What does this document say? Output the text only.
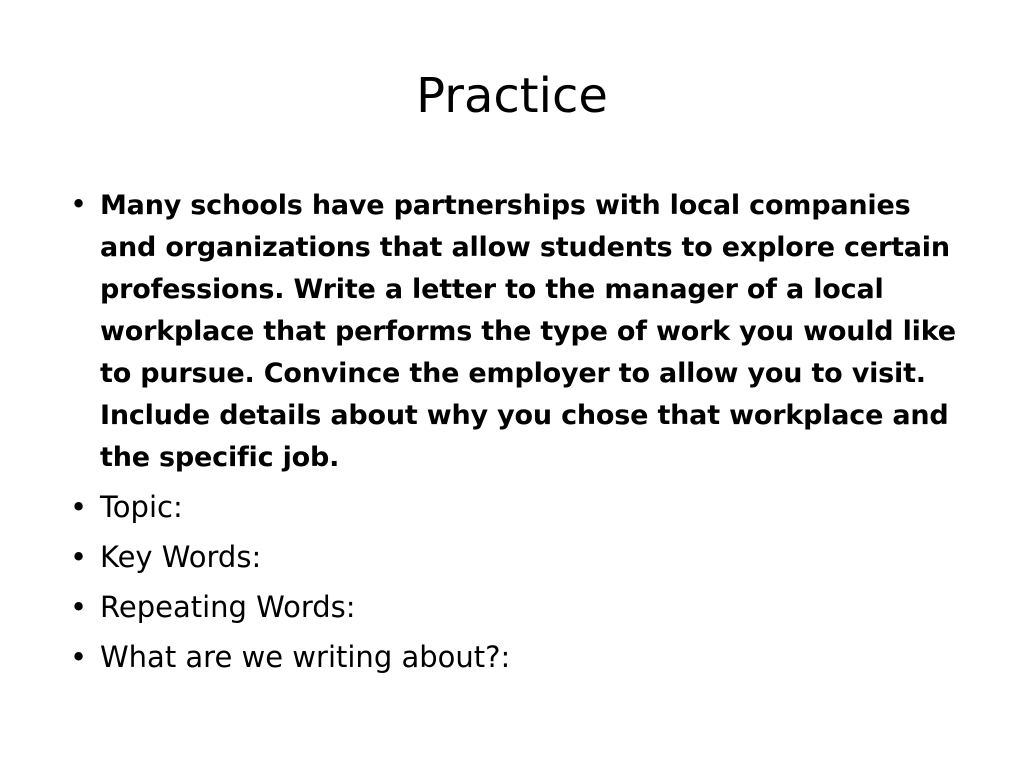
Practice
• Many schools have partnerships with local companies and organizations that allow students to explore certain professions. Write a letter to the manager of a local workplace that performs the type of work you would like to pursue. Convince the employer to allow you to visit. Include details about why you chose that workplace and the specific job.
• Topic:
• Key Words:
• Repeating Words:
• What are we writing about?:
